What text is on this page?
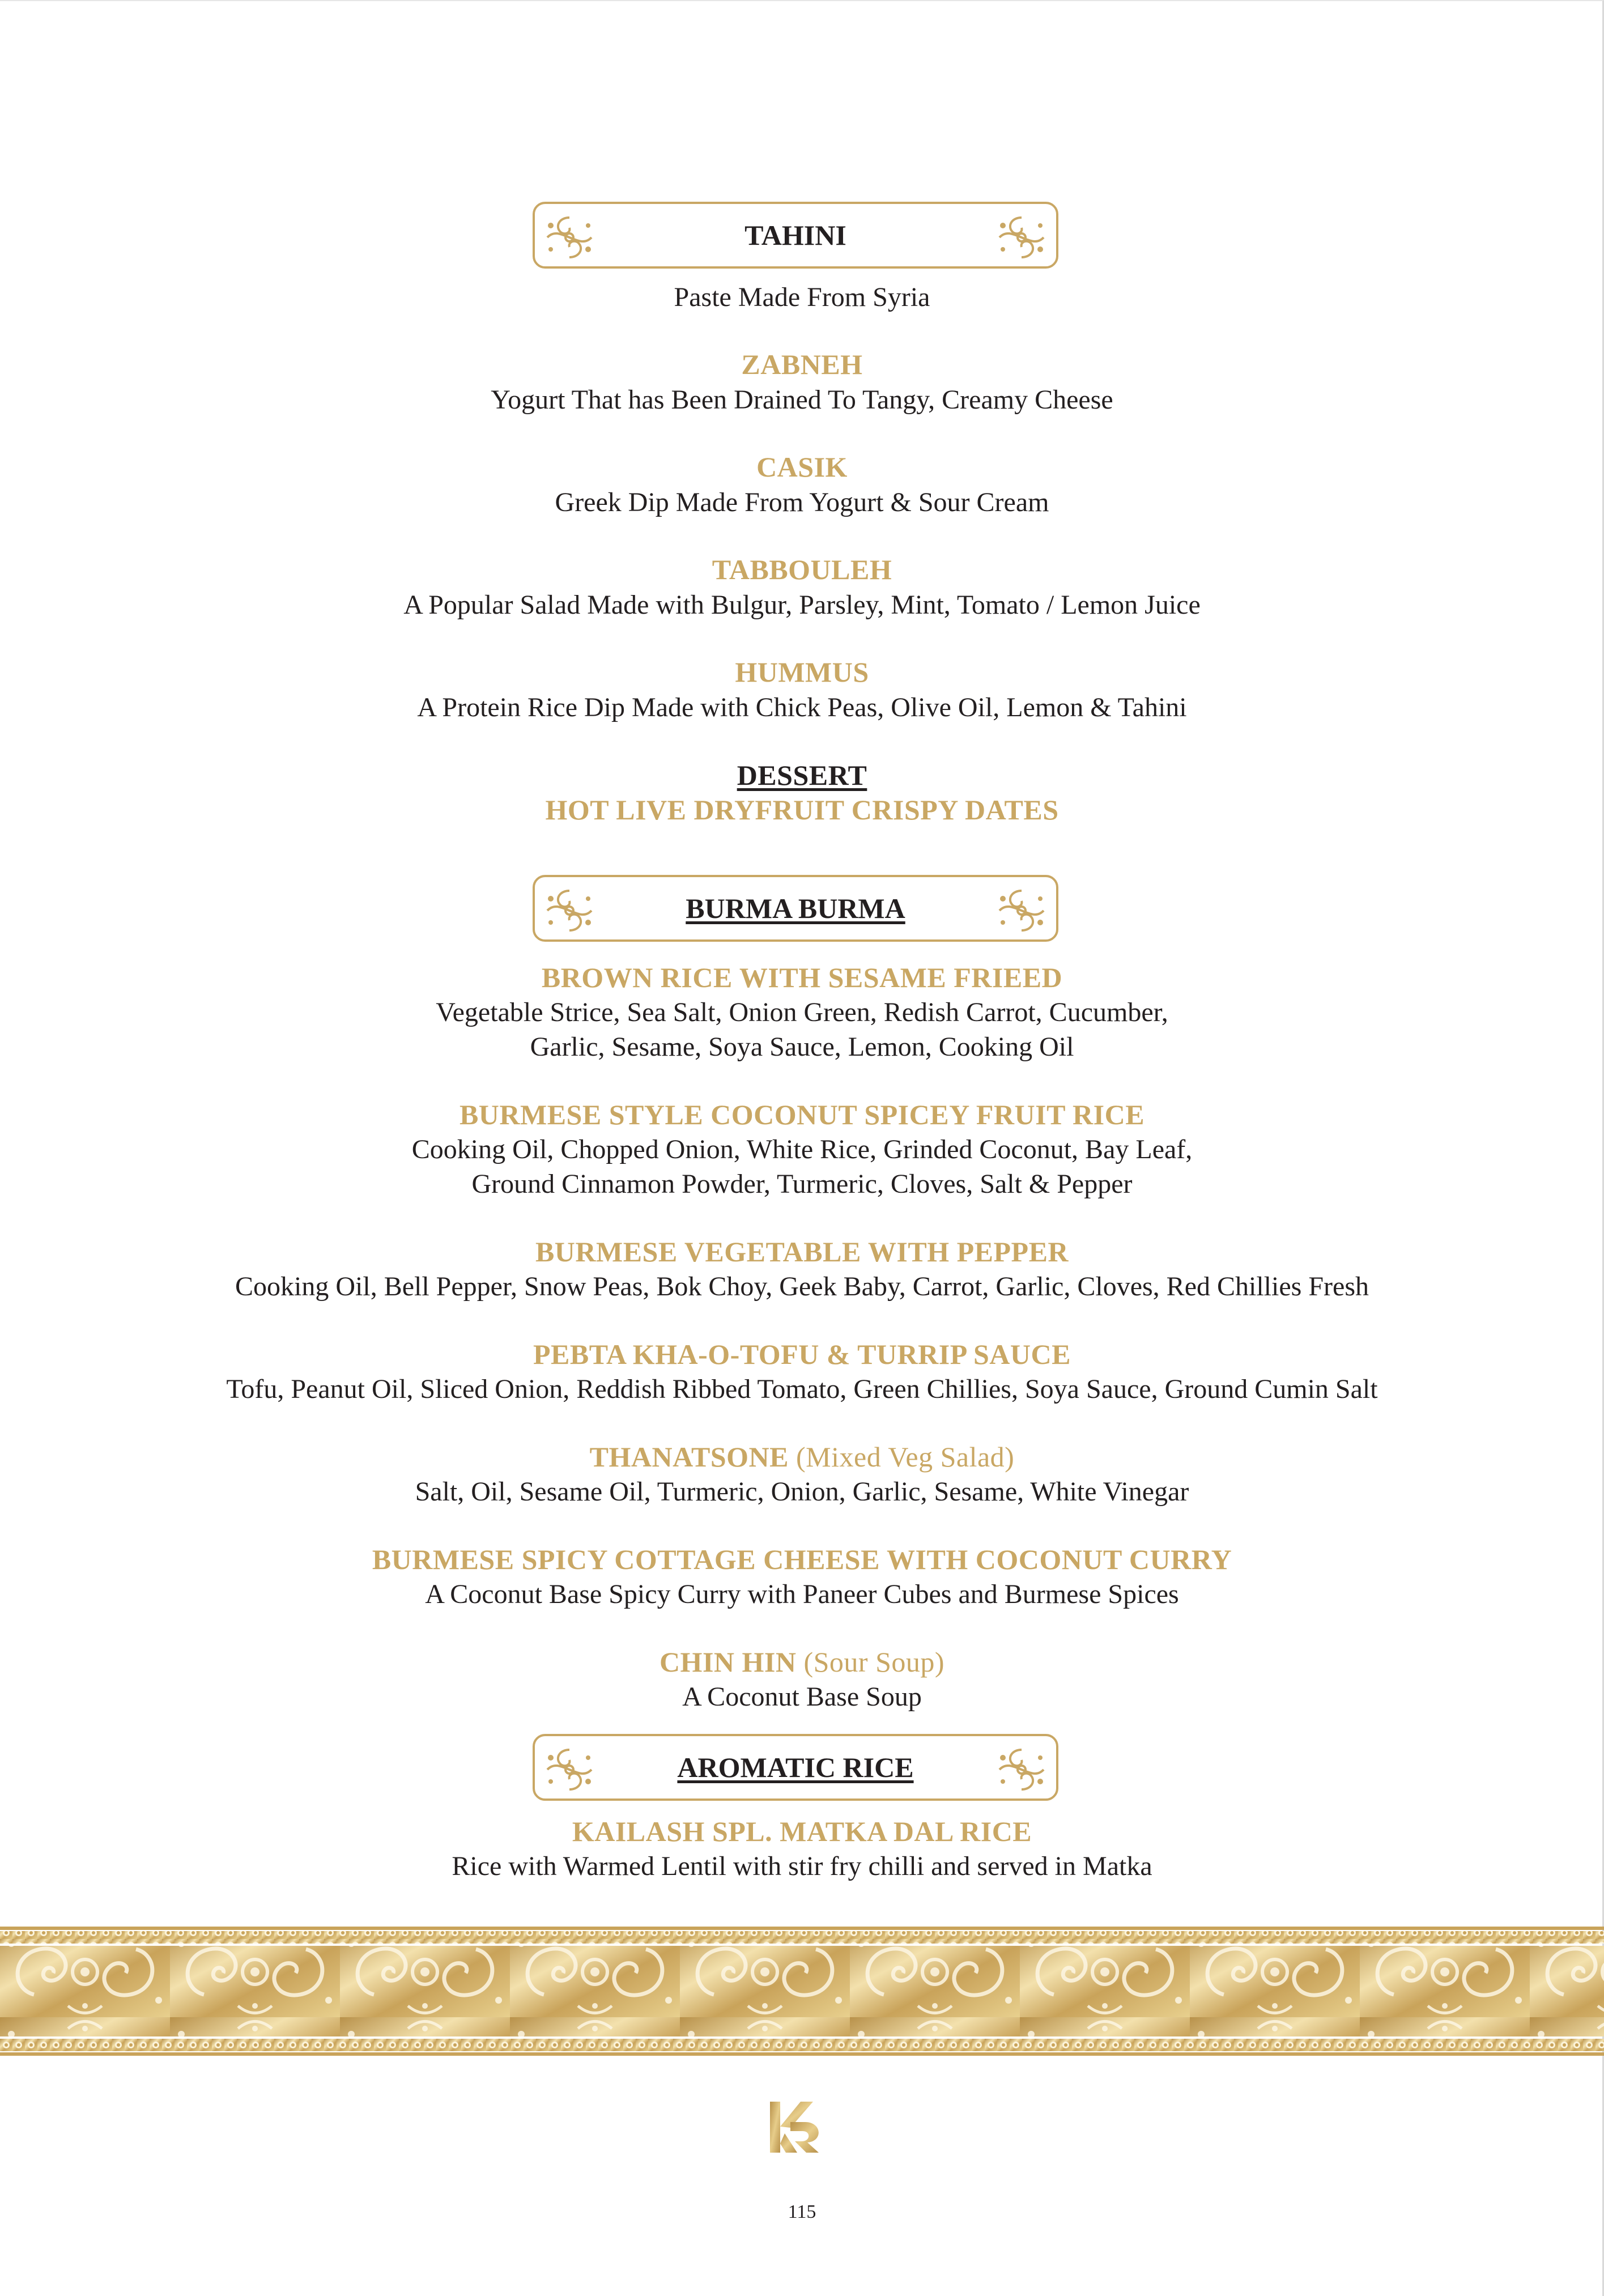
TAHINI
Paste Made From Syria
ZABNEH
Yogurt That has Been Drained To Tangy, Creamy Cheese
CASIK
Greek Dip Made From Yogurt & Sour Cream
TABBOULEH
A Popular Salad Made with Bulgur, Parsley, Mint, Tomato / Lemon Juice
HUMMUS
A Protein Rice Dip Made with Chick Peas, Olive Oil, Lemon & Tahini
DESSERT
HOT LIVE DRYFRUIT CRISPY DATES
BURMA BURMA
BROWN RICE WITH SESAME FRIEED
Vegetable Strice, Sea Salt, Onion Green, Redish Carrot, Cucumber,
Garlic, Sesame, Soya Sauce, Lemon, Cooking Oil
BURMESE STYLE COCONUT SPICEY FRUIT RICE
Cooking Oil, Chopped Onion, White Rice, Grinded Coconut, Bay Leaf,
Ground Cinnamon Powder, Turmeric, Cloves, Salt & Pepper
BURMESE VEGETABLE WITH PEPPER
Cooking Oil, Bell Pepper, Snow Peas, Bok Choy, Geek Baby, Carrot, Garlic, Cloves, Red Chillies Fresh
PEBTA KHA-O-TOFU & TURRIP SAUCE
Tofu, Peanut Oil, Sliced Onion, Reddish Ribbed Tomato, Green Chillies, Soya Sauce, Ground Cumin Salt
THANATSONE (Mixed Veg Salad)
Salt, Oil, Sesame Oil, Turmeric, Onion, Garlic, Sesame, White Vinegar
BURMESE SPICY COTTAGE CHEESE WITH COCONUT CURRY
A Coconut Base Spicy Curry with Paneer Cubes and Burmese Spices
CHIN HIN (Sour Soup)
A Coconut Base Soup
AROMATIC RICE
KAILASH SPL. MATKA DAL RICE
Rice with Warmed Lentil with stir fry chilli and served in Matka
115
